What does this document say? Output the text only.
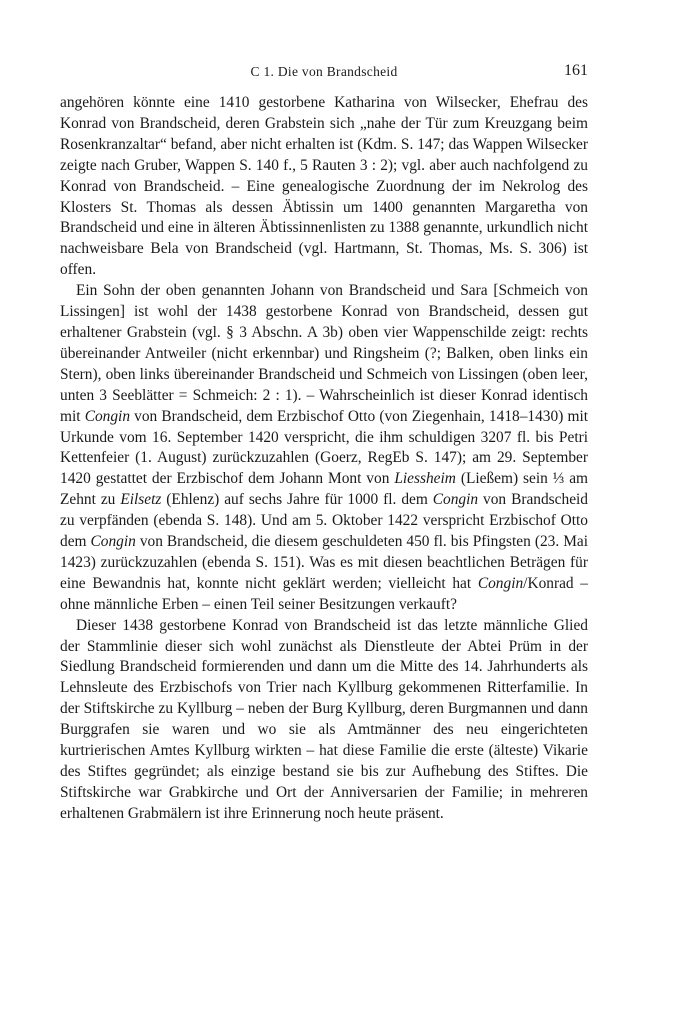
C 1. Die von Brandscheid	161

angehören könnte eine 1410 gestorbene Katharina von Wilsecker, Ehefrau des Konrad von Brandscheid, deren Grabstein sich „nahe der Tür zum Kreuzgang beim Rosenkranzaltar“ befand, aber nicht erhalten ist (Kdm. S. 147; das Wappen Wilsecker zeigte nach Gruber, Wappen S. 140 f., 5 Rauten 3 : 2); vgl. aber auch nachfolgend zu Konrad von Brandscheid. – Eine genealogische Zuordnung der im Nekrolog des Klosters St. Thomas als dessen Äbtissin um 1400 genannten Margaretha von Brandscheid und eine in älteren Äbtissinnenlisten zu 1388 genannte, urkundlich nicht nachweisbare Bela von Brandscheid (vgl. Hartmann, St. Thomas, Ms. S. 306) ist offen.

Ein Sohn der oben genannten Johann von Brandscheid und Sara [Schmeich von Lissingen] ist wohl der 1438 gestorbene Konrad von Brandscheid, dessen gut erhaltener Grabstein (vgl. § 3 Abschn. A 3b) oben vier Wappenschilde zeigt: rechts übereinander Antweiler (nicht erkennbar) und Ringsheim (?; Balken, oben links ein Stern), oben links übereinander Brandscheid und Schmeich von Lissingen (oben leer, unten 3 Seeblätter = Schmeich: 2 : 1). – Wahrscheinlich ist dieser Konrad identisch mit Congin von Brandscheid, dem Erzbischof Otto (von Ziegenhain, 1418–1430) mit Urkunde vom 16. September 1420 verspricht, die ihm schuldigen 3207 fl. bis Petri Kettenfeier (1. August) zurückzuzahlen (Goerz, RegEb S. 147); am 29. September 1420 gestattet der Erzbischof dem Johann Mont von Liessheim (Ließem) sein ⅓ am Zehnt zu Eilsetz (Ehlenz) auf sechs Jahre für 1000 fl. dem Congin von Brandscheid zu verpfänden (ebenda S. 148). Und am 5. Oktober 1422 verspricht Erzbischof Otto dem Congin von Brandscheid, die diesem geschuldeten 450 fl. bis Pfingsten (23. Mai 1423) zurückzuzahlen (ebenda S. 151). Was es mit diesen beachtlichen Beträgen für eine Bewandnis hat, konnte nicht geklärt werden; vielleicht hat Congin/Konrad – ohne männliche Erben – einen Teil seiner Besitzungen verkauft?

Dieser 1438 gestorbene Konrad von Brandscheid ist das letzte männliche Glied der Stammlinie dieser sich wohl zunächst als Dienstleute der Abtei Prüm in der Siedlung Brandscheid formierenden und dann um die Mitte des 14. Jahrhunderts als Lehnsleute des Erzbischofs von Trier nach Kyllburg gekommenen Ritterfamilie. In der Stiftskirche zu Kyllburg – neben der Burg Kyllburg, deren Burgmannen und dann Burggrafen sie waren und wo sie als Amtmänner des neu eingerichteten kurtrierischen Amtes Kyllburg wirkten – hat diese Familie die erste (älteste) Vikarie des Stiftes gegründet; als einzige bestand sie bis zur Aufhebung des Stiftes. Die Stiftskirche war Grabkirche und Ort der Anniversarien der Familie; in mehreren erhaltenen Grabmälern ist ihre Erinnerung noch heute präsent.
